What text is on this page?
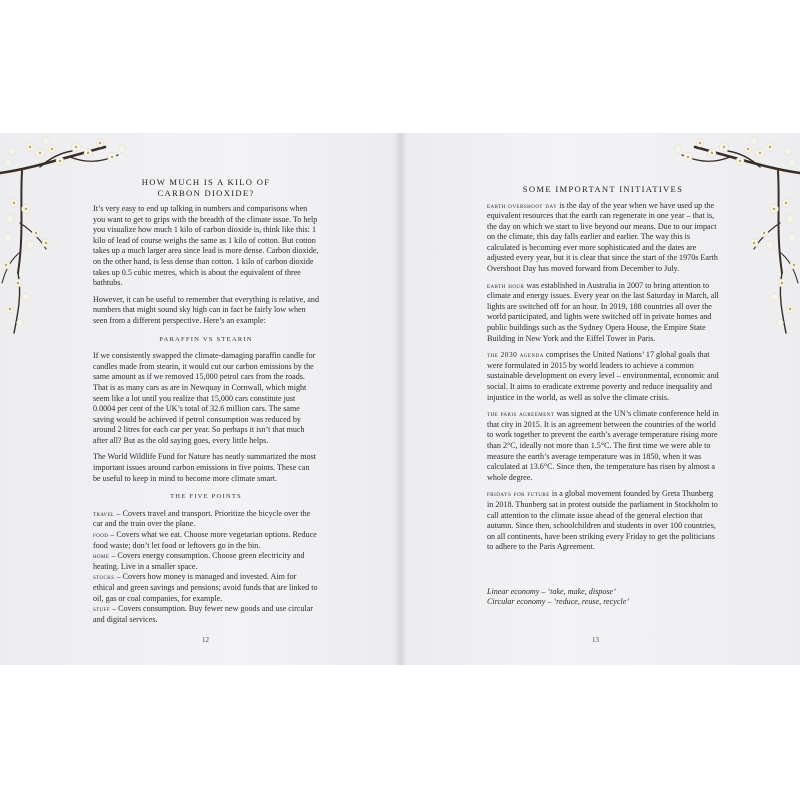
HOW MUCH IS A KILO OF
CARBON DIOXIDE?

It’s very easy to end up talking in numbers and comparisons when you want to get to grips with the breadth of the climate issue. To help you visualize how much 1 kilo of carbon dioxide is, think like this: 1 kilo of lead of course weighs the same as 1 kilo of cotton. But cotton takes up a much larger area since lead is more dense. Carbon dioxide, on the other hand, is less dense than cotton. 1 kilo of carbon dioxide takes up 0.5 cubic metres, which is about the equivalent of three bathtubs.

However, it can be useful to remember that everything is relative, and numbers that might sound sky high can in fact be fairly low when seen from a different perspective. Here’s an example:

PARAFFIN VS STEARIN

If we consistently swapped the climate-damaging paraffin candle for candles made from stearin, it would cut our carbon emissions by the same amount as if we removed 15,000 petrol cars from the roads. That is as many cars as are in Newquay in Cornwall, which might seem like a lot until you realize that 15,000 cars constitute just 0.0004 per cent of the UK’s total of 32.6 million cars. The same saving would be achieved if petrol consumption was reduced by around 2 litres for each car per year. So perhaps it isn’t that much after all? But as the old saying goes, every little helps.

The World Wildlife Fund for Nature has neatly summarized the most important issues around carbon emissions in five points. These can be useful to keep in mind to become more climate smart.

THE FIVE POINTS
travel – Covers travel and transport. Prioritize the bicycle over the car and the train over the plane.
food – Covers what we eat. Choose more vegetarian options. Reduce food waste; don’t let food or leftovers go in the bin.
home – Covers energy consumption. Choose green electricity and heating. Live in a smaller space.
stocks – Covers how money is managed and invested. Aim for ethical and green savings and pensions; avoid funds that are linked to oil, gas or coal companies, for example.
stuff – Covers consumption. Buy fewer new goods and use circular and digital services.
12
SOME IMPORTANT INITIATIVES

earth overshoot day is the day of the year when we have used up the equivalent resources that the earth can regenerate in one year – that is, the day on which we start to live beyond our means. Due to our impact on the climate, this day falls earlier and earlier. The way this is calculated is becoming ever more sophisticated and the dates are adjusted every year, but it is clear that since the start of the 1970s Earth Overshoot Day has moved forward from December to July.

earth hour was established in Australia in 2007 to bring attention to climate and energy issues. Every year on the last Saturday in March, all lights are switched off for an hour. In 2019, 188 countries all over the world participated, and lights were switched off in private homes and public buildings such as the Sydney Opera House, the Empire State Building in New York and the Eiffel Tower in Paris.

the 2030 agenda comprises the United Nations’ 17 global goals that were formulated in 2015 by world leaders to achieve a common sustainable development on every level – environmental, economic and social. It aims to eradicate extreme poverty and reduce inequality and injustice in the world, as well as solve the climate crisis.

the paris agreement was signed at the UN’s climate conference held in that city in 2015. It is an agreement between the countries of the world to work together to prevent the earth’s average temperature rising more than 2°C, ideally not more than 1.5°C. The first time we were able to measure the earth’s average temperature was in 1850, when it was calculated at 13.6°C. Since then, the temperature has risen by almost a whole degree.

fridays for future is a global movement founded by Greta Thunberg in 2018. Thunberg sat in protest outside the parliament in Stockholm to call attention to the climate issue ahead of the general election that autumn. Since then, schoolchildren and students in over 100 countries, on all continents, have been striking every Friday to get the politicians to adhere to the Paris Agreement.

Linear economy – ‘take, make, dispose’
Circular economy – ‘reduce, reuse, recycle’
13
